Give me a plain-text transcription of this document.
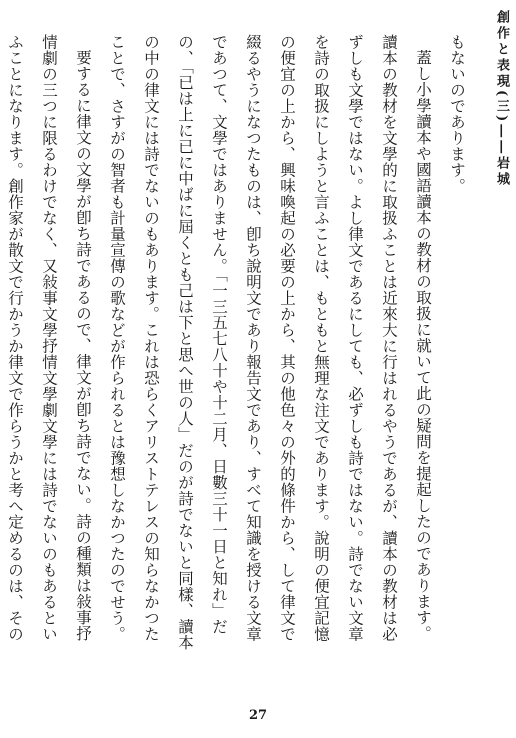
創作と表現(三)――岩城

もないのであります。

蓋し小學讀本や國語讀本の教材の取扱に就いて此の疑問を提起したのであります。讀本の教材を文學的に取扱ふことは近來大に行はれるやうであるが、讀本の教材は必ずしも文學ではない。よし律文であるにしても、必ずしも詩ではない。詩でない文章を詩の取扱にしようと言ふことは、もともと無理な注文であります。說明の便宜記憶の便宜の上から、興味喚起の必要の上から、其の他色々の外的條件から、して律文で綴るやうになつたものは、卽ち說明文であり報告文であり、すべて知識を授ける文章であつて、文學ではありません。「一三五七八十や十二月、日數三十一日と知れ」だの、「已は上に已に中ばに屆くとも己は下と思へ世の人」だのが詩でないと同樣、讀本の中の律文には詩でないのもあります。これは恐らくアリストテレスの知らなかつたことで、さすがの智者も計量宣傳の歌などが作られるとは豫想しなかつたのでせう。

要するに律文の文學が卽ち詩であるので、律文が卽ち詩でない。詩の種類は敍事抒情劇の三つに限るわけでなく、又敍事文學抒情文學劇文學には詩でないのもあるといふことになります。創作家が散文で行かうか律文で作らうかと考へ定めるのは、その

27
